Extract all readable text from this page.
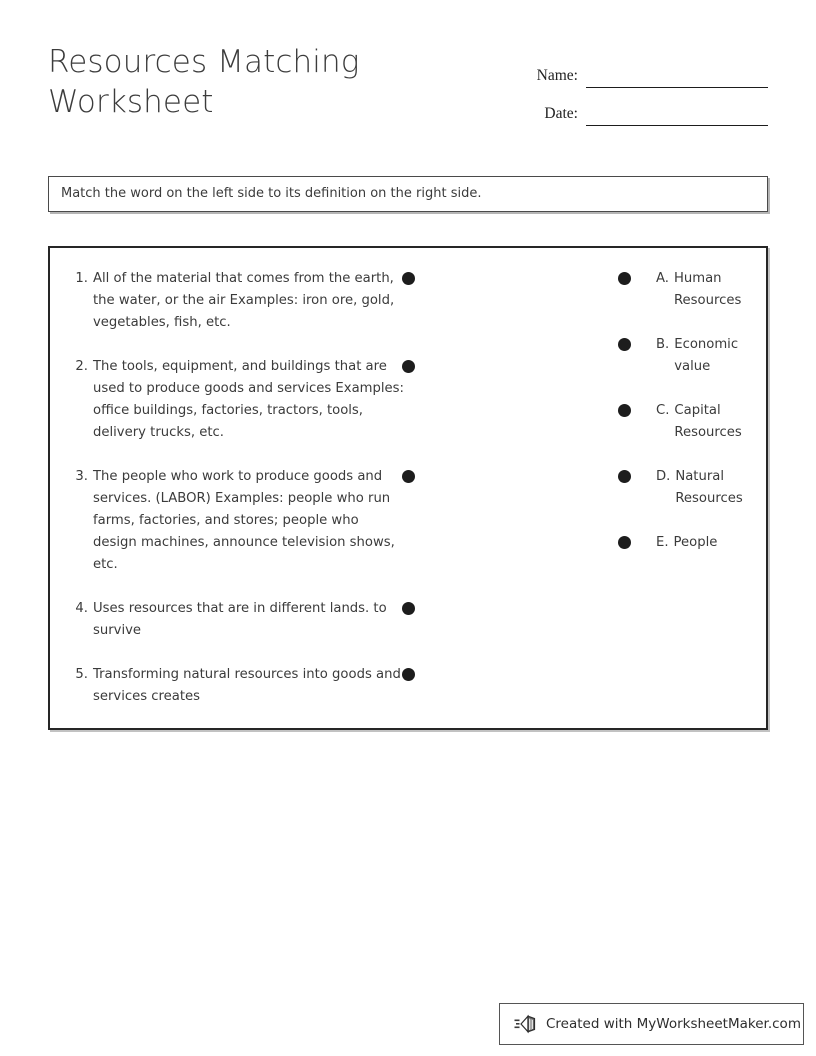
Resources Matching Worksheet
Name:
Date:
Match the word on the left side to its definition on the right side.
1. All of the material that comes from the earth, the water, or the air Examples: iron ore, gold, vegetables, fish, etc.
2. The tools, equipment, and buildings that are used to produce goods and services Examples: office buildings, factories, tractors, tools, delivery trucks, etc.
3. The people who work to produce goods and services. (LABOR) Examples: people who run farms, factories, and stores; people who design machines, announce television shows, etc.
4. Uses resources that are in different lands. to survive
5. Transforming natural resources into goods and services creates
A. Human Resources
B. Economic value
C. Capital Resources
D. Natural Resources
E. People
Created with MyWorksheetMaker.com
